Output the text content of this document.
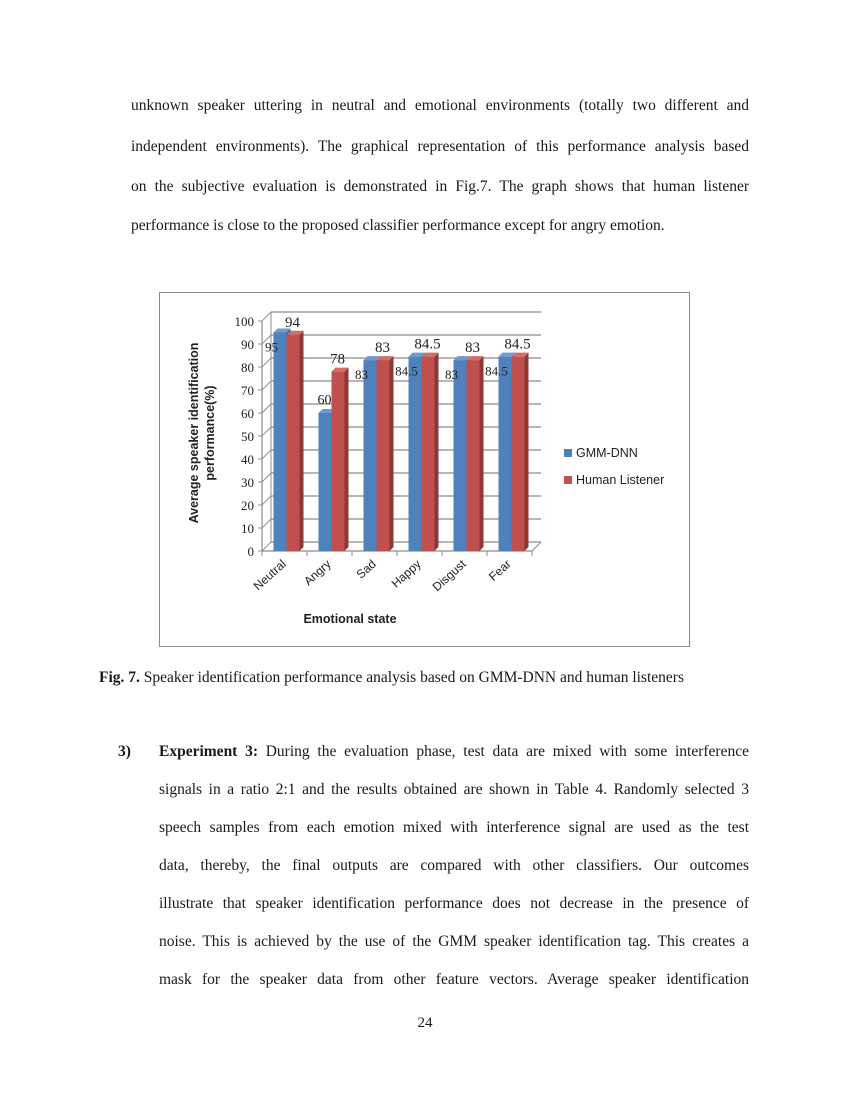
unknown speaker uttering in neutral and emotional environments (totally two different and
independent environments). The graphical representation of this performance analysis based
on the subjective evaluation is demonstrated in Fig.7. The graph shows that human listener
performance is close to the proposed classifier performance except for angry emotion.
0
10
20
30
40
50
60
70
80
90
100
95
94
Neutral
60
78
Angry
83
83
Sad
84.5
84.5
Happy
83
83
Disgust
84.5
84.5
Fear
Emotional state
Average speaker identification performance(%)	GMM-DNN
Human Listener
Fig. 7. Speaker identification performance analysis based on GMM-DNN and human listeners
3) Experiment 3: During the evaluation phase, test data are mixed with some interference
signals in a ratio 2:1 and the results obtained are shown in Table 4. Randomly selected 3
speech samples from each emotion mixed with interference signal are used as the test
data, thereby, the final outputs are compared with other classifiers. Our outcomes
illustrate that speaker identification performance does not decrease in the presence of
noise. This is achieved by the use of the GMM speaker identification tag. This creates a
mask for the speaker data from other feature vectors. Average speaker identification
24
